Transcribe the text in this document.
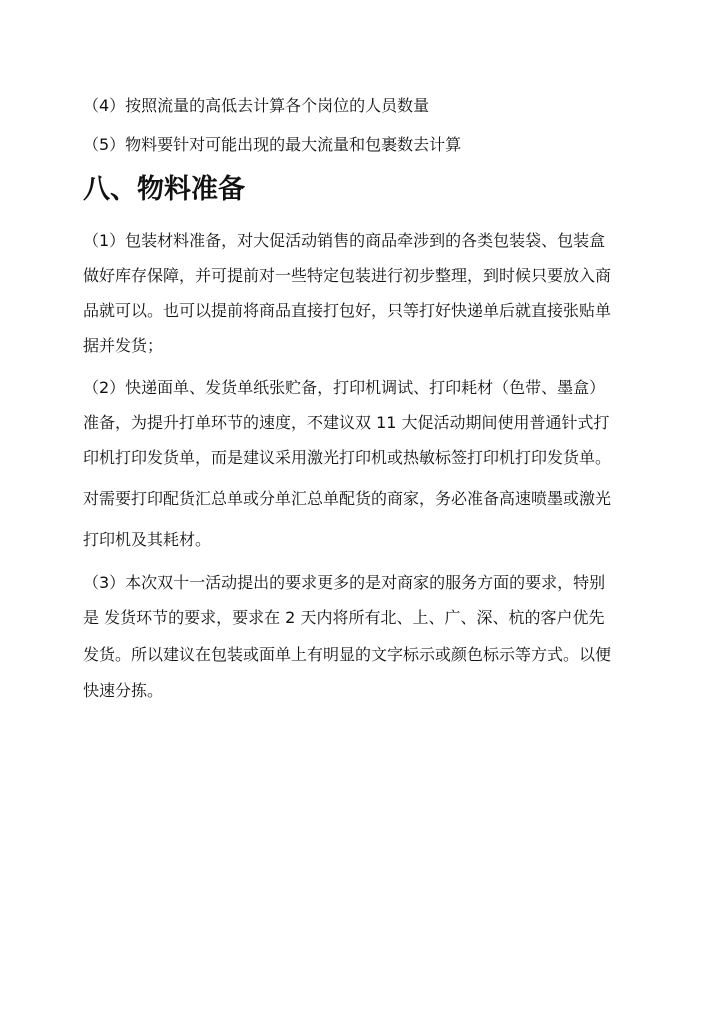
（4）按照流量的高低去计算各个岗位的人员数量
（5）物料要针对可能出现的最大流量和包裹数去计算
八、物料准备
（1）包装材料准备，对大促活动销售的商品牵涉到的各类包装袋、包装盒
做好库存保障，并可提前对一些特定包装进行初步整理，到时候只要放入商
品就可以。也可以提前将商品直接打包好，只等打好快递单后就直接张贴单
据并发货；
（2）快递面单、发货单纸张贮备，打印机调试、打印耗材（色带、墨盒）
准备，为提升打单环节的速度，不建议双 11 大促活动期间使用普通针式打
印机打印发货单，而是建议采用激光打印机或热敏标签打印机打印发货单。
对需要打印配货汇总单或分单汇总单配货的商家，务必准备高速喷墨或激光
打印机及其耗材。
（3）本次双十一活动提出的要求更多的是对商家的服务方面的要求，特别
是 发货环节的要求，要求在 2 天内将所有北、上、广、深、杭的客户优先
发货。所以建议在包装或面单上有明显的文字标示或颜色标示等方式。以便
快速分拣。
